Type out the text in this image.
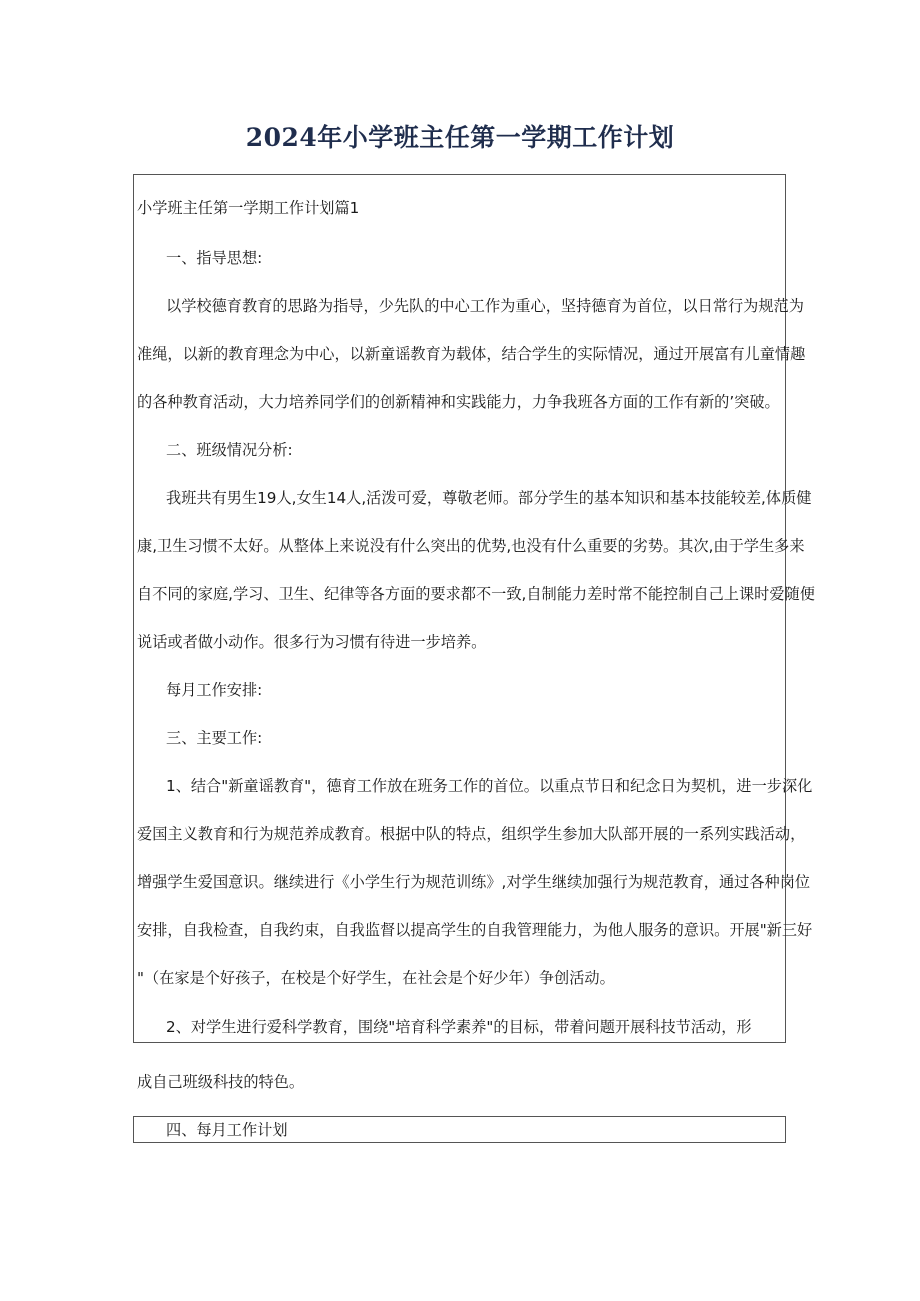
2024年小学班主任第一学期工作计划
小学班主任第一学期工作计划篇1
一、指导思想:
以学校德育教育的思路为指导，少先队的中心工作为重心，坚持德育为首位，以日常行为规范为
准绳，以新的教育理念为中心，以新童谣教育为载体，结合学生的实际情况，通过开展富有儿童情趣
的各种教育活动，大力培养同学们的创新精神和实践能力，力争我班各方面的工作有新的’突破。
二、班级情况分析:
我班共有男生19人,女生14人,活泼可爱，尊敬老师。部分学生的基本知识和基本技能较差,体质健
康,卫生习惯不太好。从整体上来说没有什么突出的优势,也没有什么重要的劣势。其次,由于学生多来
自不同的家庭,学习、卫生、纪律等各方面的要求都不一致,自制能力差时常不能控制自己上课时爱随便
说话或者做小动作。很多行为习惯有待进一步培养。
每月工作安排:
三、主要工作:
1、结合"新童谣教育"，德育工作放在班务工作的首位。以重点节日和纪念日为契机，进一步深化
爱国主义教育和行为规范养成教育。根据中队的特点，组织学生参加大队部开展的一系列实践活动，
增强学生爱国意识。继续进行《小学生行为规范训练》,对学生继续加强行为规范教育，通过各种岗位
安排，自我检查，自我约束，自我监督以提高学生的自我管理能力，为他人服务的意识。开展"新三好
"（在家是个好孩子，在校是个好学生，在社会是个好少年）争创活动。
2、对学生进行爱科学教育，围绕"培育科学素养"的目标，带着问题开展科技节活动，形
成自己班级科技的特色。
四、每月工作计划
